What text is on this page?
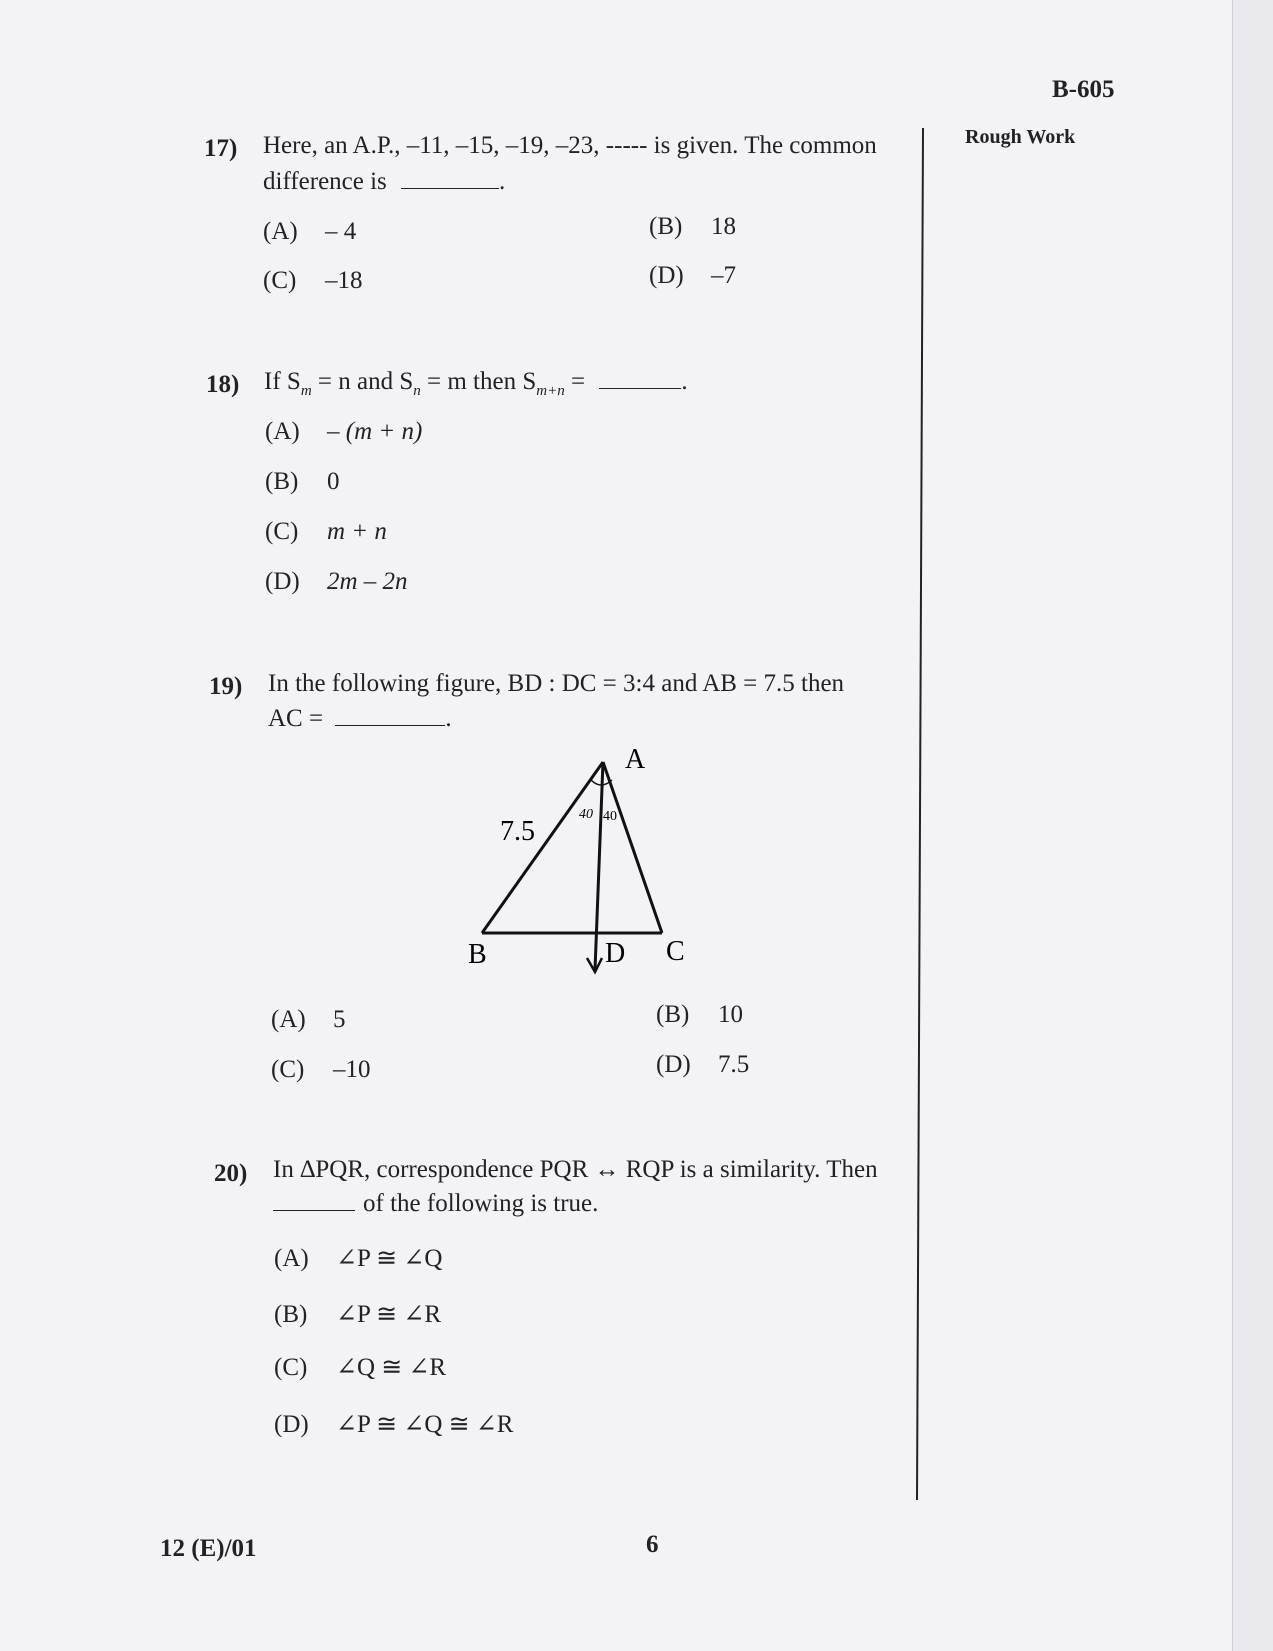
B-605
Rough Work
17) Here, an A.P., –11, –15, –19, –23, ----- is given. The common
difference is	.
(A) – 4	(B) 18
(C) –18	(D) –7
18) If $S_m = n$ and $S_n = m$ then $S_{m+n}$ =	.
(A) – (m + n)
(B) 0
(C) m + n
(D) 2m – 2n
19) In the following figure, BD : DC = 3:4 and AB = 7.5 then
AC =	.
A
B	C
D
7.5
40 40
(A) 5	(B) 10
(C) –10	(D) 7.5
20) In ∆PQR, correspondence PQR ↔ RQP is a similarity. Then
of the following is true.
(A) ∠P ≅ ∠Q
(B) ∠P ≅ ∠R
(C) ∠Q ≅ ∠R
(D) ∠P ≅ ∠Q ≅ ∠R
12 (E)/01	6
